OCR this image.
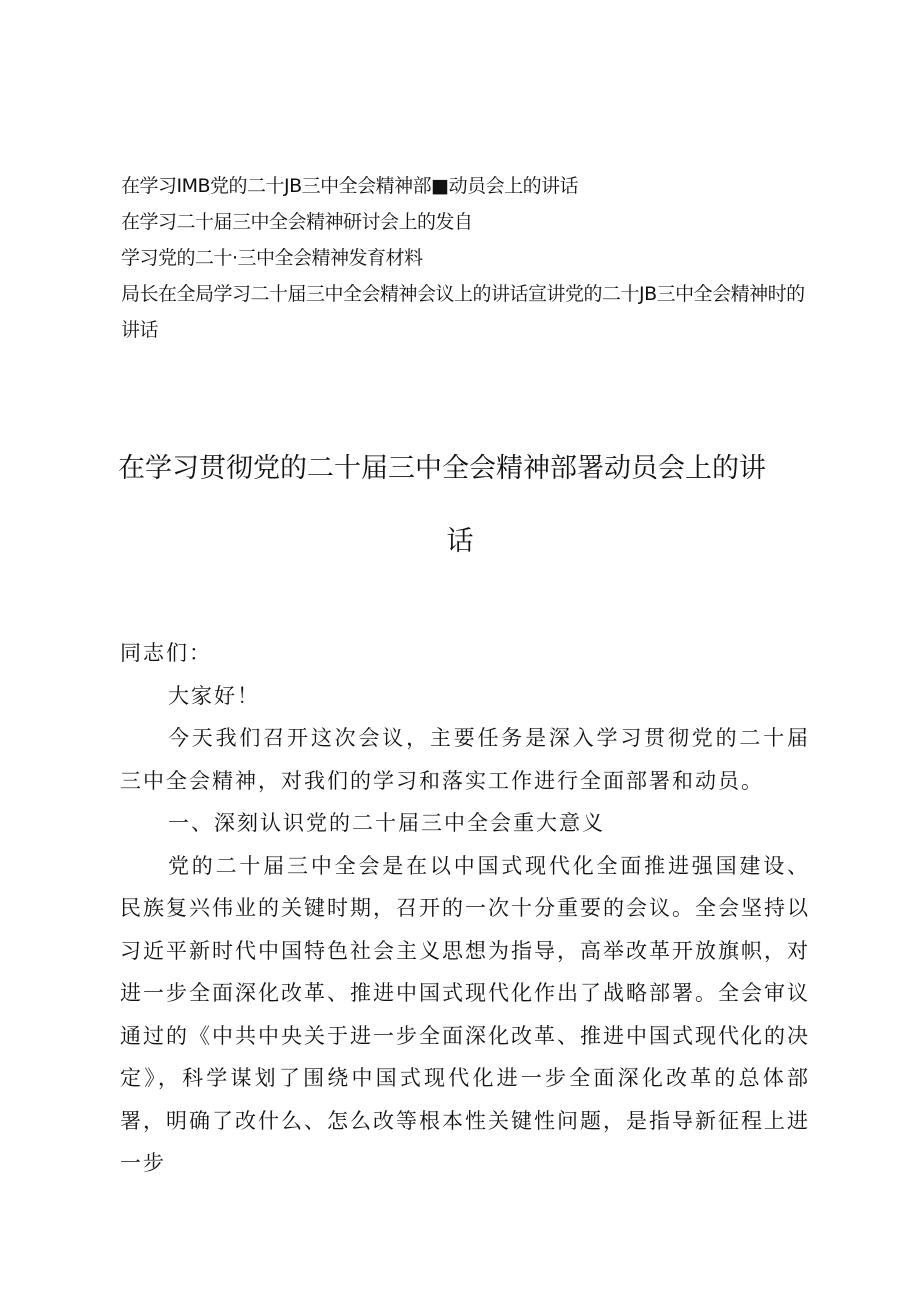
在学习IMB党的二十JB三中全会精神部■动员会上的讲话

在学习二十届三中全会精神研讨会上的发自

学习党的二十·三中全会精神发育材料

局长在全局学习二十届三中全会精神会议上的讲话宣讲党的二十JB三中全会精神时的讲话

在学习贯彻党的二十届三中全会精神部署动员会上的讲
话

同志们：

大家好！

今天我们召开这次会议，主要任务是深入学习贯彻党的二十届三中全会精神，对我们的学习和落实工作进行全面部署和动员。

一、深刻认识党的二十届三中全会重大意义

党的二十届三中全会是在以中国式现代化全面推进强国建设、民族复兴伟业的关键时期，召开的一次十分重要的会议。全会坚持以习近平新时代中国特色社会主义思想为指导，高举改革开放旗帜，对进一步全面深化改革、推进中国式现代化作出了战略部署。全会审议通过的《中共中央关于进一步全面深化改革、推进中国式现代化的决定》，科学谋划了围绕中国式现代化进一步全面深化改革的总体部署，明确了改什么、怎么改等根本性关键性问题，是指导新征程上进一步
